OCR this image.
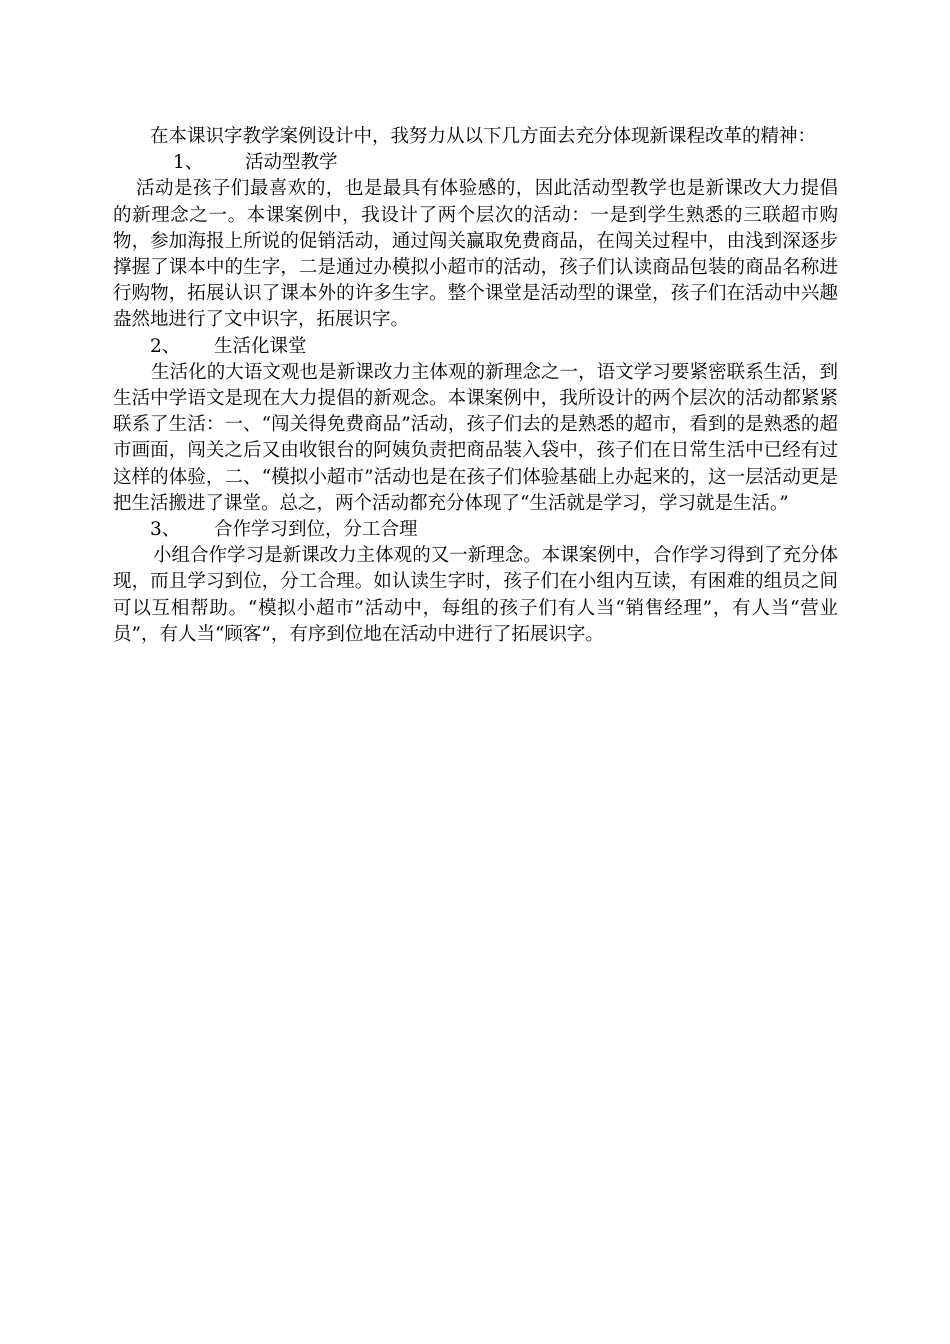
在本课识字教学案例设计中，我努力从以下几方面去充分体现新课程改革的精神：

1、 活动型教学

活动是孩子们最喜欢的，也是最具有体验感的，因此活动型教学也是新课改大力提倡的新理念之一。本课案例中，我设计了两个层次的活动：一是到学生熟悉的三联超市购物，参加海报上所说的促销活动，通过闯关赢取免费商品，在闯关过程中，由浅到深逐步撑握了课本中的生字，二是通过办模拟小超市的活动，孩子们认读商品包装的商品名称进行购物，拓展认识了课本外的许多生字。整个课堂是活动型的课堂，孩子们在活动中兴趣盎然地进行了文中识字，拓展识字。

2、 生活化课堂

生活化的大语文观也是新课改力主体观的新理念之一，语文学习要紧密联系生活，到生活中学语文是现在大力提倡的新观念。本课案例中，我所设计的两个层次的活动都紧紧联系了生活：一、“闯关得免费商品”活动，孩子们去的是熟悉的超市，看到的是熟悉的超市画面，闯关之后又由收银台的阿姨负责把商品装入袋中，孩子们在日常生活中已经有过这样的体验，二、“模拟小超市”活动也是在孩子们体验基础上办起来的，这一层活动更是把生活搬进了课堂。总之，两个活动都充分体现了“生活就是学习，学习就是生活。”

3、 合作学习到位，分工合理

小组合作学习是新课改力主体观的又一新理念。本课案例中，合作学习得到了充分体现，而且学习到位，分工合理。如认读生字时，孩子们在小组内互读，有困难的组员之间可以互相帮助。“模拟小超市”活动中，每组的孩子们有人当“销售经理”，有人当“营业员”，有人当“顾客”，有序到位地在活动中进行了拓展识字。
